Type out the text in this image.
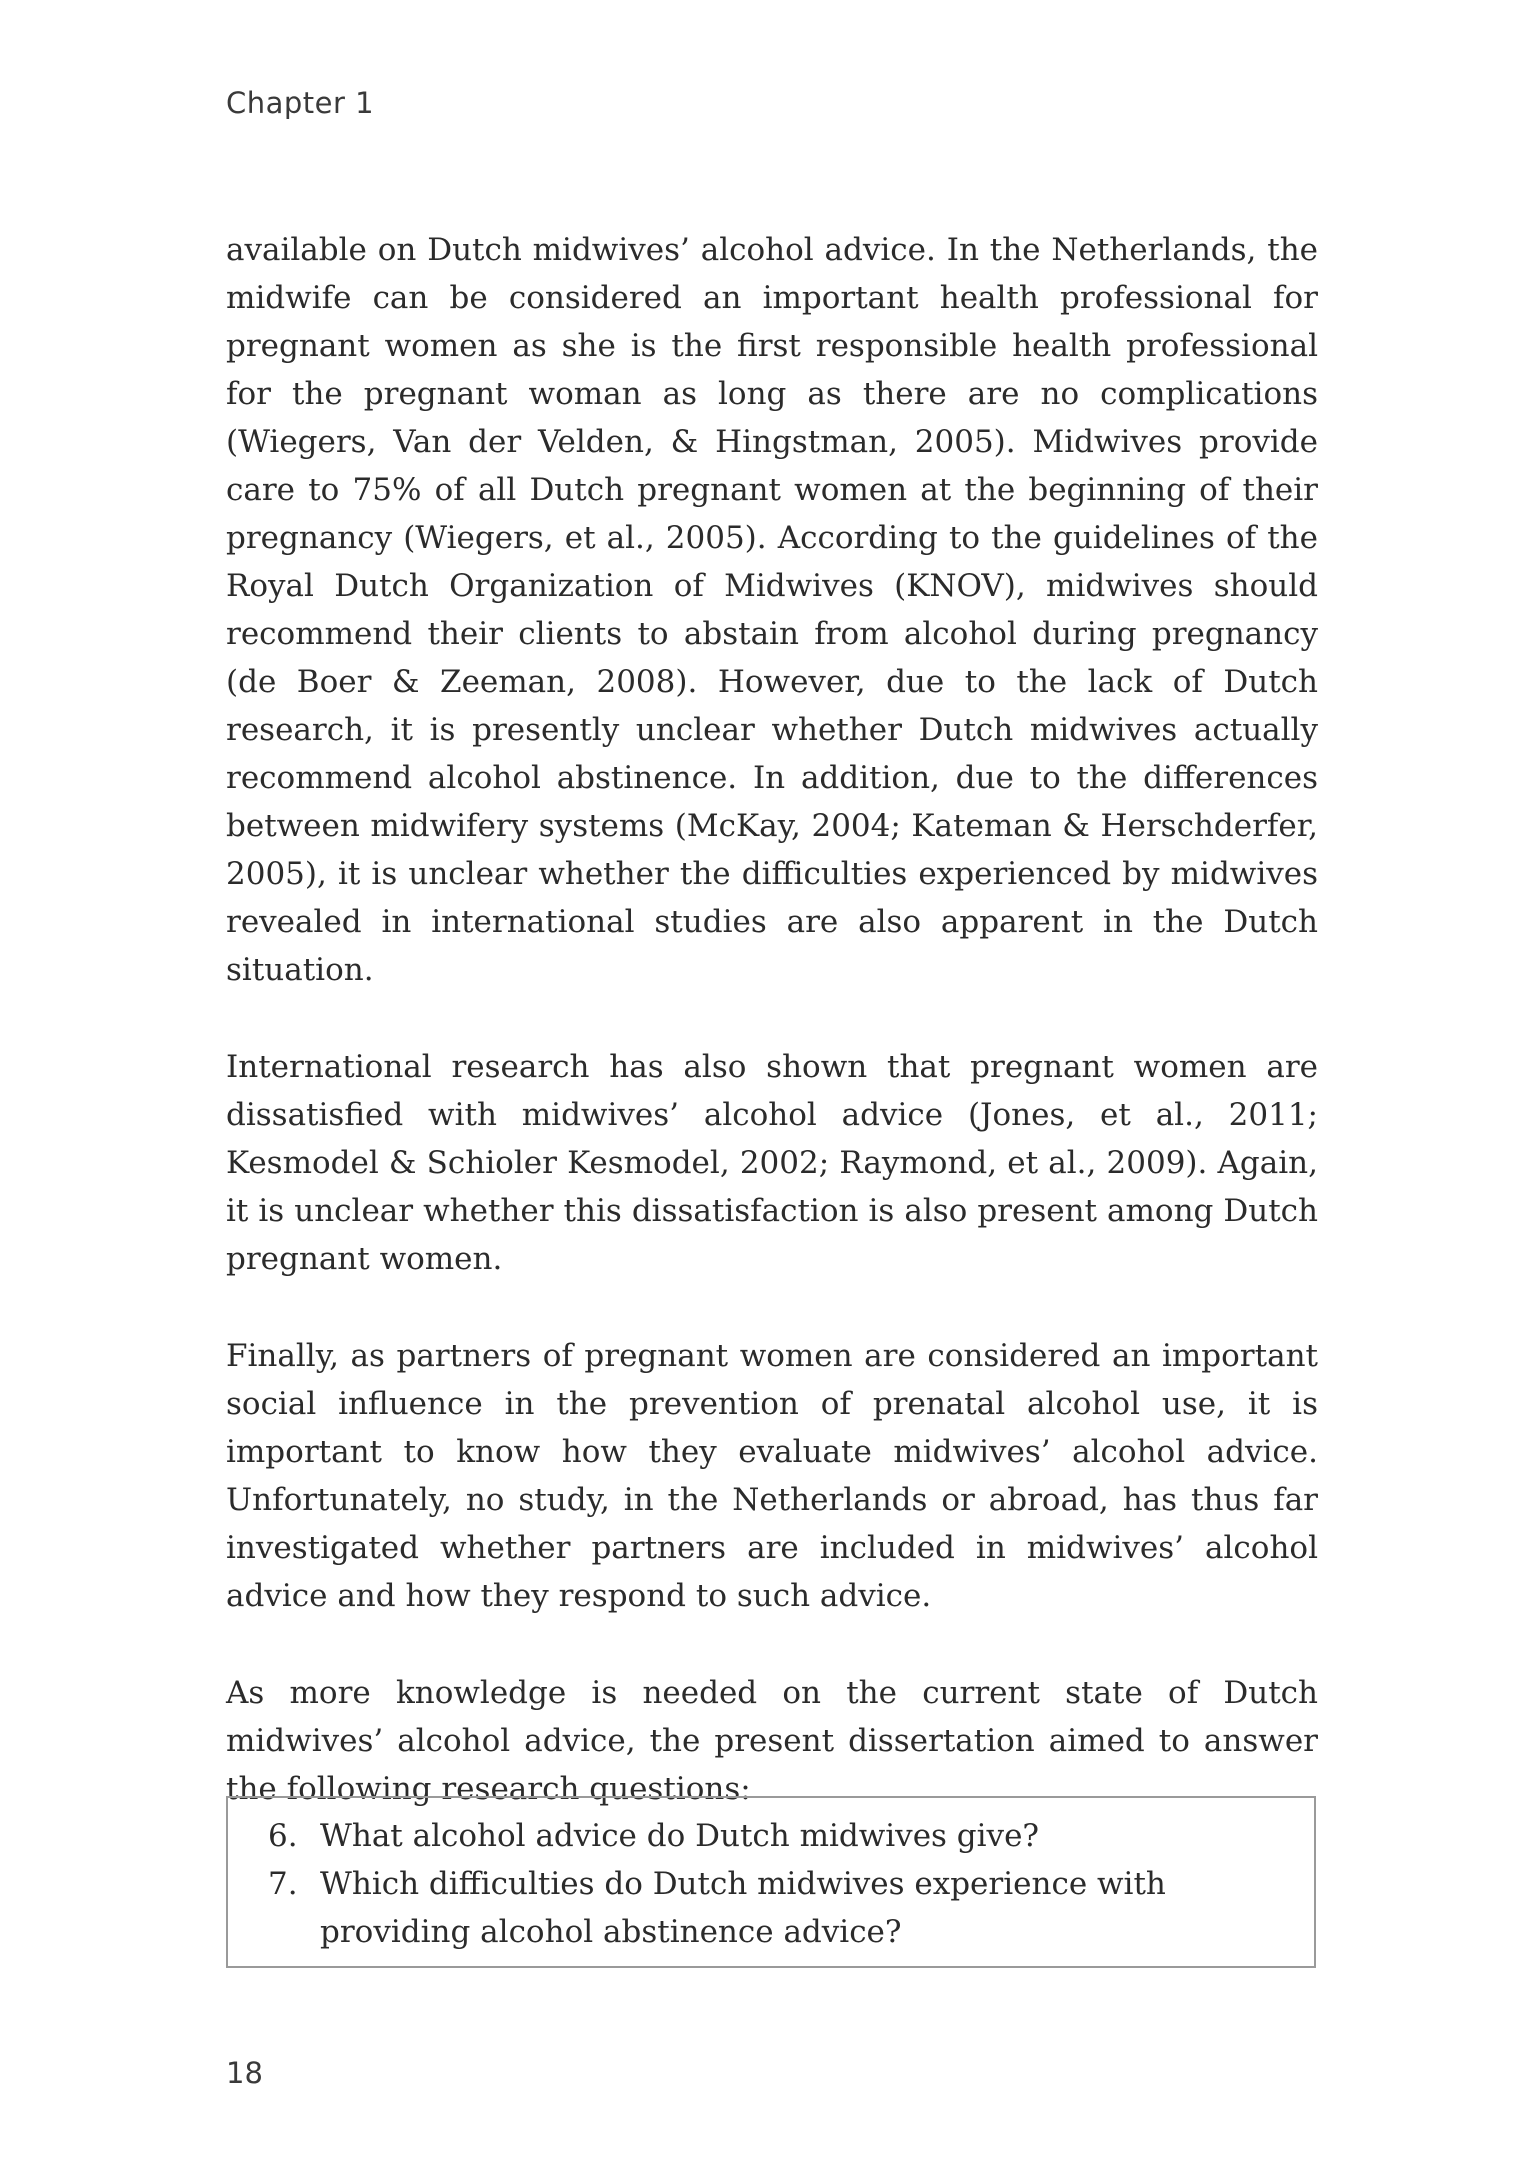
Chapter 1

available on Dutch midwives’ alcohol advice. In the Netherlands, the midwife can be considered an important health professional for pregnant women as she is the first responsible health professional for the pregnant woman as long as there are no complications (Wiegers, Van der Velden, & Hingstman, 2005). Midwives provide care to 75% of all Dutch pregnant women at the beginning of their pregnancy (Wiegers, et al., 2005). According to the guidelines of the Royal Dutch Organization of Midwives (KNOV), midwives should recommend their clients to abstain from alcohol during pregnancy (de Boer & Zeeman, 2008). However, due to the lack of Dutch research, it is presently unclear whether Dutch midwives actually recommend alcohol abstinence. In addition, due to the differences between midwifery systems (McKay, 2004; Kateman & Herschderfer, 2005), it is unclear whether the difficulties experienced by midwives revealed in international studies are also apparent in the Dutch situation.

International research has also shown that pregnant women are dissatisfied with midwives’ alcohol advice (Jones, et al., 2011; Kesmodel & Schioler Kesmodel, 2002; Raymond, et al., 2009). Again, it is unclear whether this dissatisfaction is also present among Dutch pregnant women.

Finally, as partners of pregnant women are considered an important social influence in the prevention of prenatal alcohol use, it is important to know how they evaluate midwives’ alcohol advice. Unfortunately, no study, in the Netherlands or abroad, has thus far investigated whether partners are included in midwives’ alcohol advice and how they respond to such advice.

As more knowledge is needed on the current state of Dutch midwives’ alcohol advice, the present dissertation aimed to answer the following research questions:

6. What alcohol advice do Dutch midwives give?
7. Which difficulties do Dutch midwives experience with providing alcohol abstinence advice?
18
